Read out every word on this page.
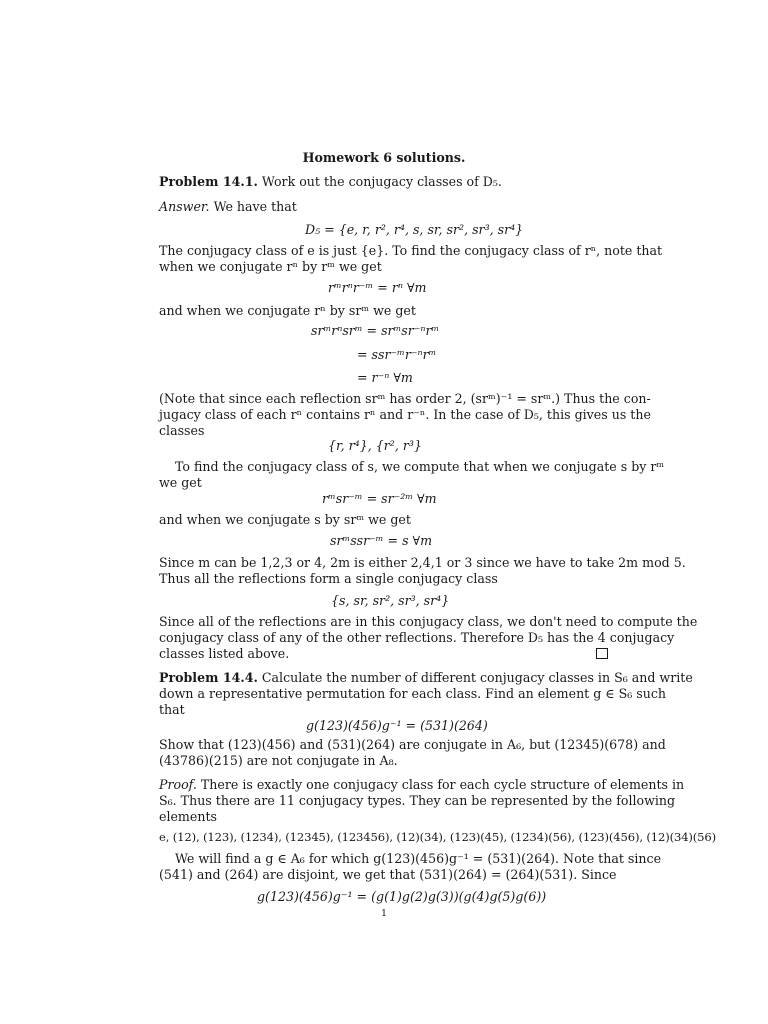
Homework 6 solutions.
Problem 14.1. Work out the conjugacy classes of D₅.
Answer. We have that
D₅ = {e, r, r², r⁴, s, sr, sr², sr³, sr⁴}
The conjugacy class of e is just {e}. To find the conjugacy class of rⁿ, note that
when we conjugate rⁿ by rᵐ we get
rᵐrⁿr⁻ᵐ = rⁿ ∀m
and when we conjugate rⁿ by srᵐ we get
srᵐrⁿsrᵐ = srᵐsr⁻ⁿrᵐ
= ssr⁻ᵐr⁻ⁿrᵐ
= r⁻ⁿ ∀m
(Note that since each reflection srᵐ has order 2, (srᵐ)⁻¹ = srᵐ.) Thus the con-
jugacy class of each rⁿ contains rⁿ and r⁻ⁿ. In the case of D₅, this gives us the
classes
{r, r⁴}, {r², r³}
To find the conjugacy class of s, we compute that when we conjugate s by rᵐ
we get
rᵐsr⁻ᵐ = sr⁻²ᵐ ∀m
and when we conjugate s by srᵐ we get
srᵐssr⁻ᵐ = s ∀m
Since m can be 1,2,3 or 4, 2m is either 2,4,1 or 3 since we have to take 2m mod 5.
Thus all the reflections form a single conjugacy class
{s, sr, sr², sr³, sr⁴}
Since all of the reflections are in this conjugacy class, we don't need to compute the
conjugacy class of any of the other reflections. Therefore D₅ has the 4 conjugacy
classes listed above.
Problem 14.4. Calculate the number of different conjugacy classes in S₆ and write
down a representative permutation for each class. Find an element g ∈ S₆ such
that
g(123)(456)g⁻¹ = (531)(264)
Show that (123)(456) and (531)(264) are conjugate in A₆, but (12345)(678) and
(43786)(215) are not conjugate in A₈.
Proof. There is exactly one conjugacy class for each cycle structure of elements in
S₆. Thus there are 11 conjugacy types. They can be represented by the following
elements
e, (12), (123), (1234), (12345), (123456), (12)(34), (123)(45), (1234)(56), (123)(456), (12)(34)(56)
We will find a g ∈ A₆ for which g(123)(456)g⁻¹ = (531)(264). Note that since
(541) and (264) are disjoint, we get that (531)(264) = (264)(531). Since
g(123)(456)g⁻¹ = (g(1)g(2)g(3))(g(4)g(5)g(6))
1
